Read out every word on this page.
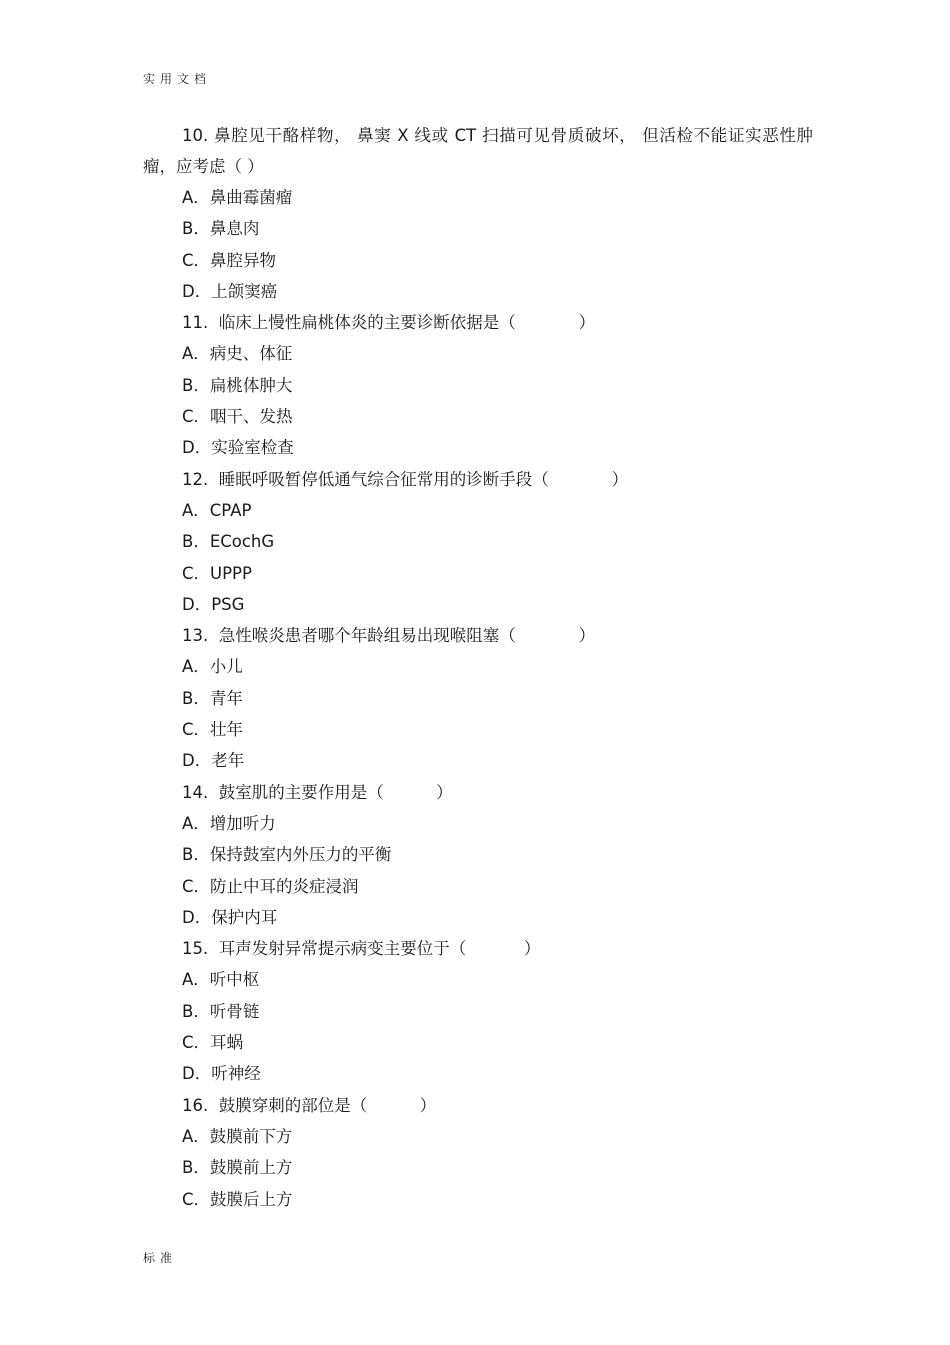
实用文档

10. 鼻腔见干酪样物， 鼻窦 X 线或 CT 扫描可见骨质破坏， 但活检不能证实恶性肿瘤，应考虑（ ）

A．鼻曲霉菌瘤
B．鼻息肉
C．鼻腔异物
D．上颌窦癌
11.  临床上慢性扁桃体炎的主要诊断依据是（            ）
A．病史、体征
B．扁桃体肿大
C．咽干、发热
D．实验室检查
12.  睡眠呼吸暂停低通气综合征常用的诊断手段（            ）
A．CPAP
B．ECochG
C．UPPP
D．PSG
13.  急性喉炎患者哪个年龄组易出现喉阻塞（            ）
A．小儿
B．青年
C．壮年
D．老年
14.  鼓室肌的主要作用是（          ）
A．增加听力
B．保持鼓室内外压力的平衡
C．防止中耳的炎症浸润
D．保护内耳
15.  耳声发射异常提示病变主要位于（           ）
A．听中枢
B．听骨链
C．耳蜗
D．听神经
16.  鼓膜穿刺的部位是（          ）
A．鼓膜前下方
B．鼓膜前上方
C．鼓膜后上方
标准
